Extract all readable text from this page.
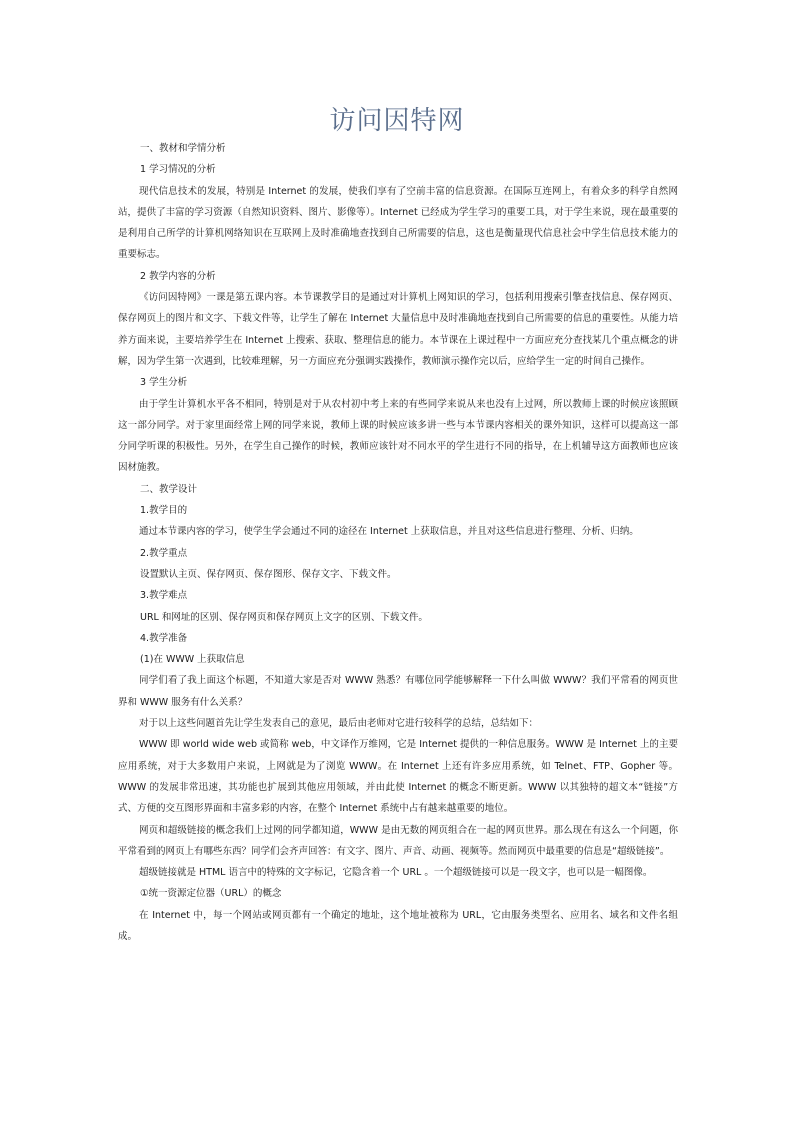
访问因特网

一、教材和学情分析

1 学习情况的分析

现代信息技术的发展，特别是 Internet 的发展，使我们享有了空前丰富的信息资源。在国际互连网上，有着众多的科学自然网站，提供了丰富的学习资源（自然知识资料、图片、影像等）。Internet 已经成为学生学习的重要工具，对于学生来说，现在最重要的是利用自己所学的计算机网络知识在互联网上及时准确地查找到自己所需要的信息，这也是衡量现代信息社会中学生信息技术能力的重要标志。

2 教学内容的分析

《访问因特网》一课是第五课内容。本节课教学目的是通过对计算机上网知识的学习，包括利用搜索引擎查找信息、保存网页、保存网页上的图片和文字、下载文件等，让学生了解在 Internet 大量信息中及时准确地查找到自己所需要的信息的重要性。从能力培养方面来说，主要培养学生在 Internet 上搜索、获取、整理信息的能力。本节课在上课过程中一方面应充分查找某几个重点概念的讲解，因为学生第一次遇到，比较难理解，另一方面应充分强调实践操作，教师演示操作完以后，应给学生一定的时间自己操作。

3 学生分析

由于学生计算机水平各不相同，特别是对于从农村初中考上来的有些同学来说从来也没有上过网，所以教师上课的时候应该照顾这一部分同学。对于家里面经常上网的同学来说，教师上课的时候应该多讲一些与本节课内容相关的课外知识，这样可以提高这一部分同学听课的积极性。另外，在学生自己操作的时候，教师应该针对不同水平的学生进行不同的指导，在上机辅导这方面教师也应该因材施教。

二、教学设计

1.教学目的

通过本节课内容的学习，使学生学会通过不同的途径在 Internet 上获取信息，并且对这些信息进行整理、分析、归纳。

2.教学重点

设置默认主页、保存网页、保存图形、保存文字、下载文件。

3.教学难点

URL 和网址的区别、保存网页和保存网页上文字的区别、下载文件。

4.教学准备

(1)在 WWW 上获取信息

同学们看了我上面这个标题，不知道大家是否对 WWW 熟悉？有哪位同学能够解释一下什么叫做 WWW？我们平常看的网页世界和 WWW 服务有什么关系？

对于以上这些问题首先让学生发表自己的意见，最后由老师对它进行较科学的总结，总结如下：

WWW 即 world wide web 或简称 web，中文译作万维网，它是 Internet 提供的一种信息服务。WWW 是 Internet 上的主要应用系统，对于大多数用户来说，上网就是为了浏览 WWW。在 Internet 上还有许多应用系统，如 Telnet、FTP、Gopher 等。WWW 的发展非常迅速，其功能也扩展到其他应用领域，并由此使 Internet 的概念不断更新。WWW 以其独特的超文本“链接”方式、方便的交互图形界面和丰富多彩的内容，在整个 Internet 系统中占有越来越重要的地位。

网页和超级链接的概念我们上过网的同学都知道，WWW 是由无数的网页组合在一起的网页世界。那么现在有这么一个问题，你平常看到的网页上有哪些东西？同学们会齐声回答：有文字、图片、声音、动画、视频等。然而网页中最重要的信息是“超级链接”。

超级链接就是 HTML 语言中的特殊的文字标记，它隐含着一个 URL 。一个超级链接可以是一段文字，也可以是一幅图像。

①统一资源定位器（URL）的概念

在 Internet 中，每一个网站或网页都有一个确定的地址，这个地址被称为 URL，它由服务类型名、应用名、域名和文件名组成。
